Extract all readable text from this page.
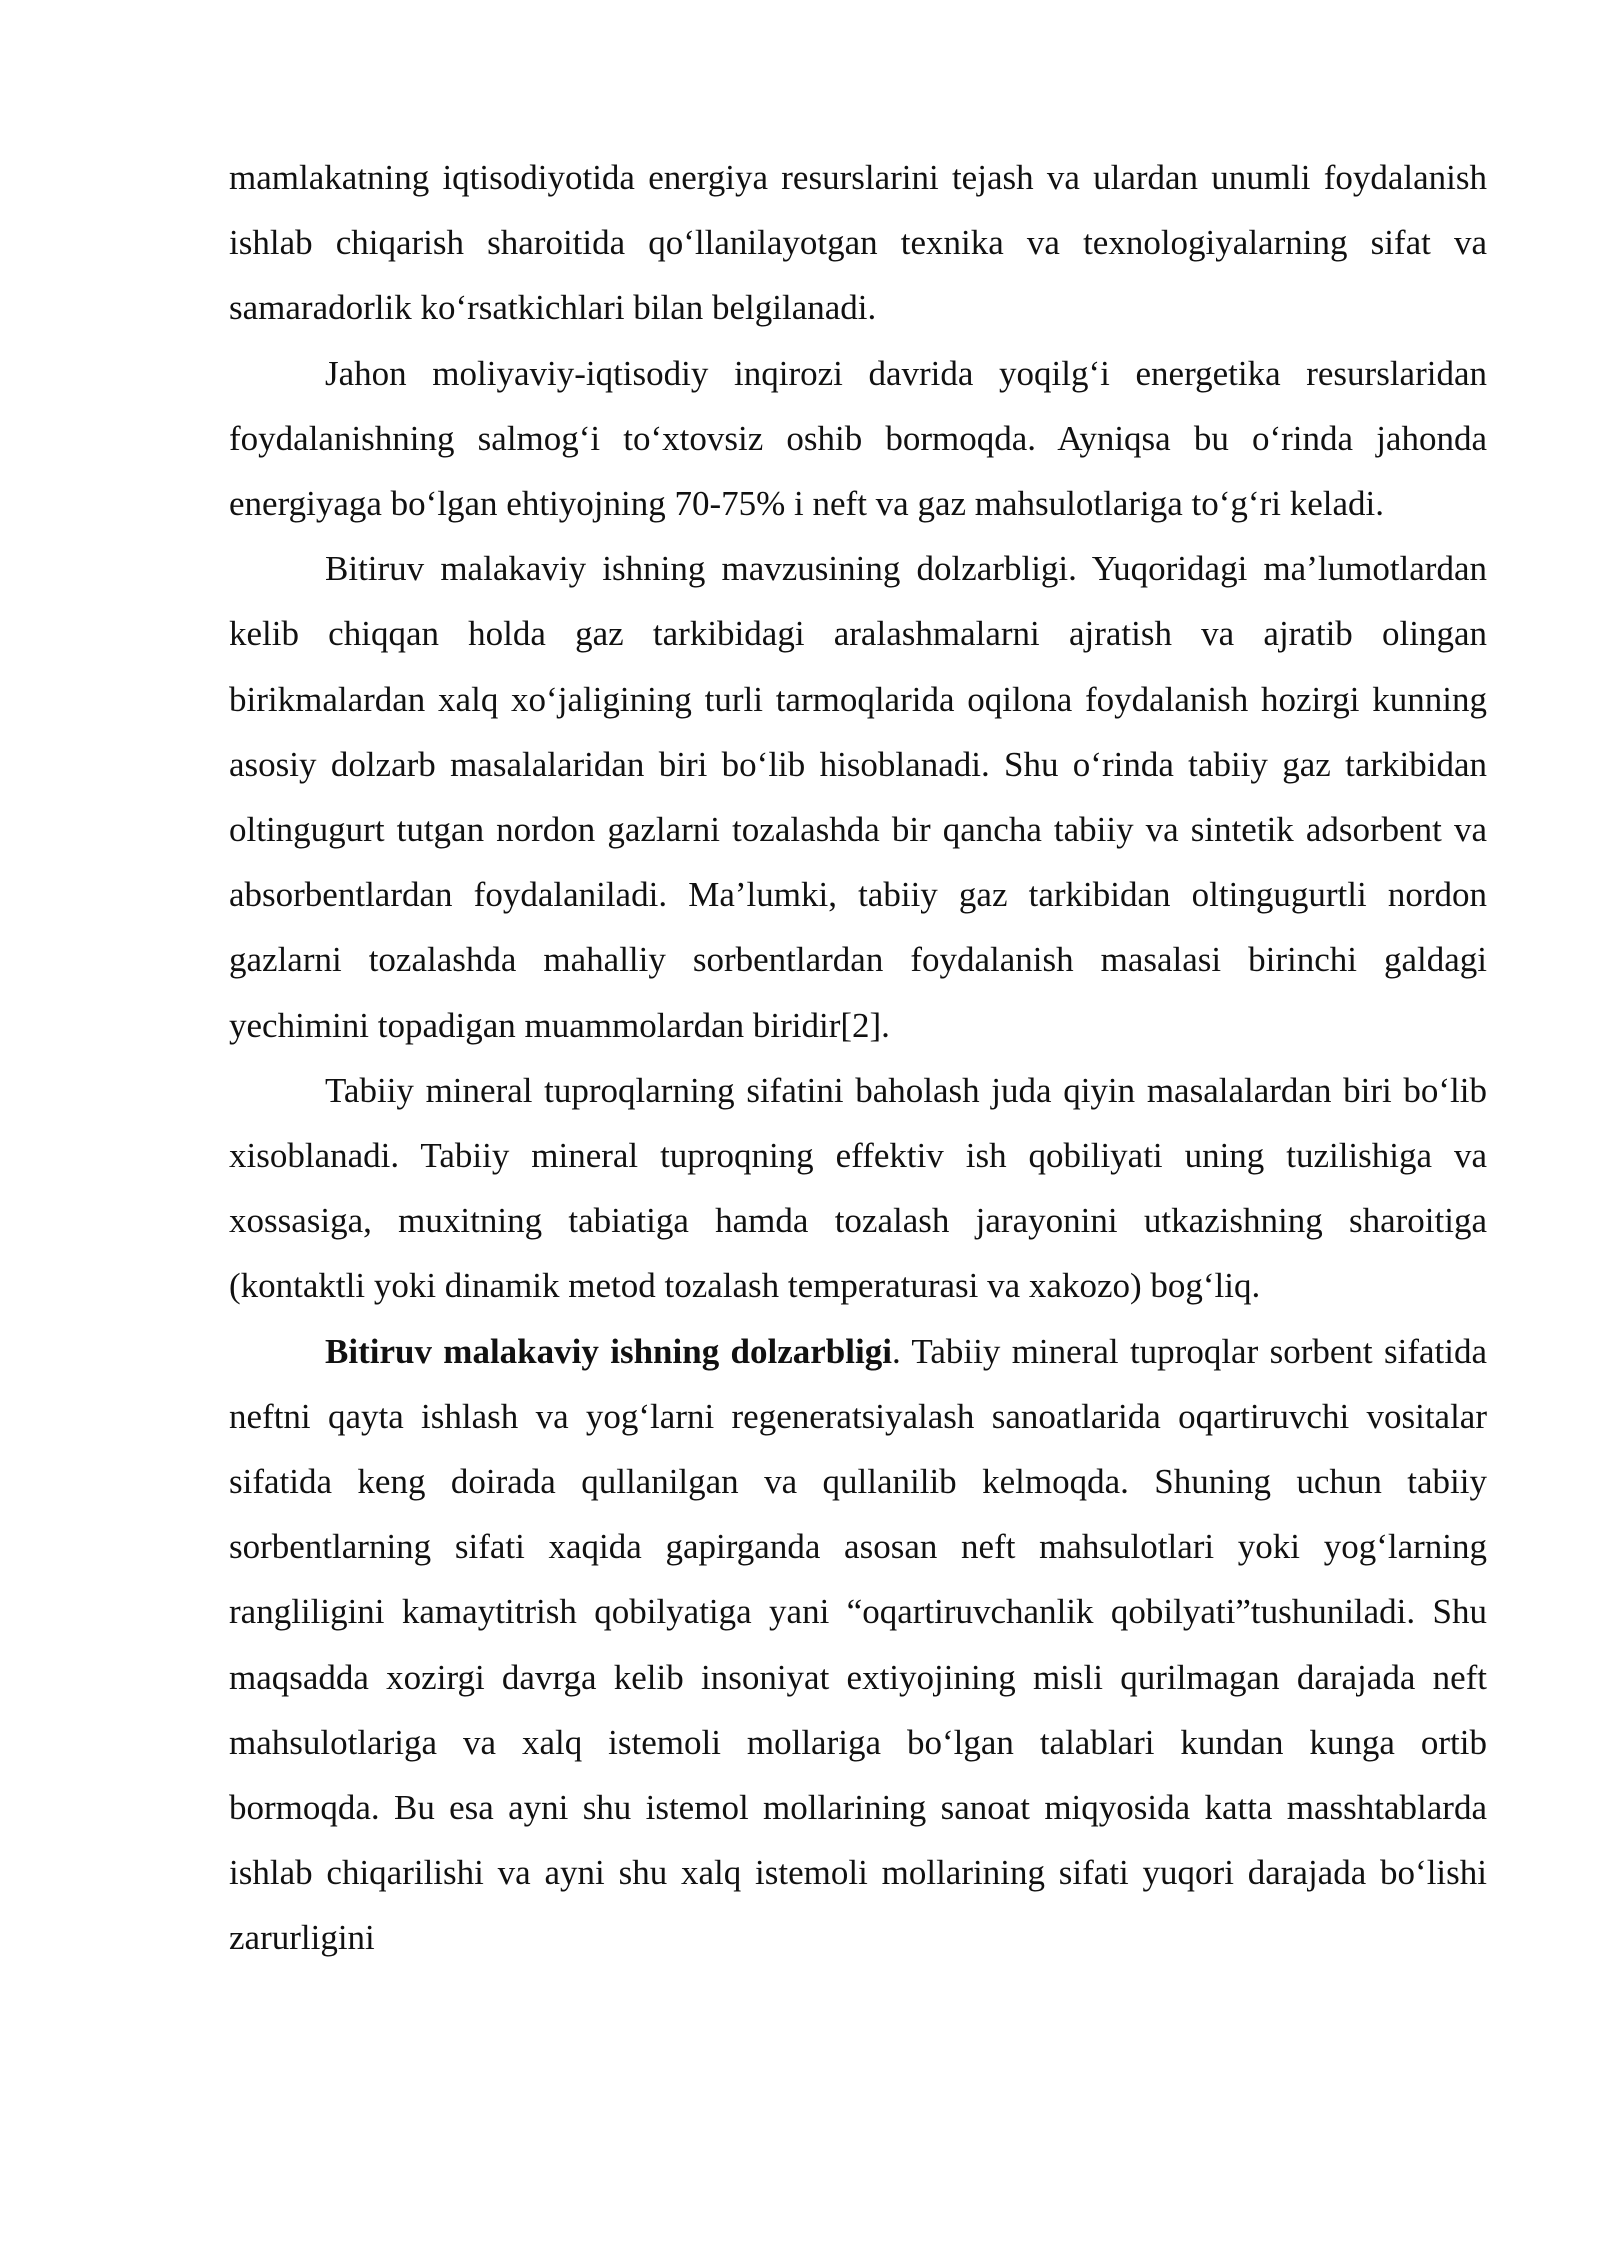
mamlakatning iqtisodiyotida energiya resurslarini tejash va ulardan unumli foydalanish ishlab chiqarish sharoitida qo‘llanilayotgan texnika va texnologiyalarning sifat va samaradorlik ko‘rsatkichlari bilan belgilanadi.

Jahon moliyaviy-iqtisodiy inqirozi davrida yoqilg‘i energetika resurslaridan foydalanishning salmog‘i to‘xtovsiz oshib bormoqda. Ayniqsa bu o‘rinda jahonda energiyaga bo‘lgan ehtiyojning 70-75% i neft va gaz mahsulotlariga to‘g‘ri keladi.

Bitiruv malakaviy ishning mavzusining dolzarbligi. Yuqoridagi ma’lumotlardan kelib chiqqan holda gaz tarkibidagi aralashmalarni ajratish va ajratib olingan birikmalardan xalq xo‘jaligining turli tarmoqlarida oqilona foydalanish hozirgi kunning asosiy dolzarb masalalaridan biri bo‘lib hisoblanadi. Shu o‘rinda tabiiy gaz tarkibidan oltingugurt tutgan nordon gazlarni tozalashda bir qancha tabiiy va sintetik adsorbent va absorbentlardan foydalaniladi. Ma’lumki, tabiiy gaz tarkibidan oltingugurtli nordon gazlarni tozalashda mahalliy sorbentlardan foydalanish masalasi birinchi galdagi yechimini topadigan muammolardan biridir[2].

Tabiiy mineral tuproqlarning sifatini baholash juda qiyin masalalardan biri bo‘lib xisoblanadi. Tabiiy mineral tuproqning effektiv ish qobiliyati uning tuzilishiga va xossasiga, muxitning tabiatiga hamda tozalash jarayonini utkazishning sharoitiga (kontaktli yoki dinamik metod tozalash temperaturasi va xakozo) bog‘liq.

Bitiruv malakaviy ishning dolzarbligi. Tabiiy mineral tuproqlar sorbent sifatida neftni qayta ishlash va yog‘larni regeneratsiyalash sanoatlarida oqartiruvchi vositalar sifatida keng doirada qullanilgan va qullanilib kelmoqda. Shuning uchun tabiiy sorbentlarning sifati xaqida gapirganda asosan neft mahsulotlari yoki yog‘larning rangliligini kamaytitrish qobilyatiga yani “oqartiruvchanlik qobilyati”tushuniladi. Shu maqsadda xozirgi davrga kelib insoniyat extiyojining misli qurilmagan darajada neft mahsulotlariga va xalq istemoli mollariga bo‘lgan talablari kundan kunga ortib bormoqda. Bu esa ayni shu istemol mollarining sanoat miqyosida katta masshtablarda ishlab chiqarilishi va ayni shu xalq istemoli mollarining sifati yuqori darajada bo‘lishi zarurligini
